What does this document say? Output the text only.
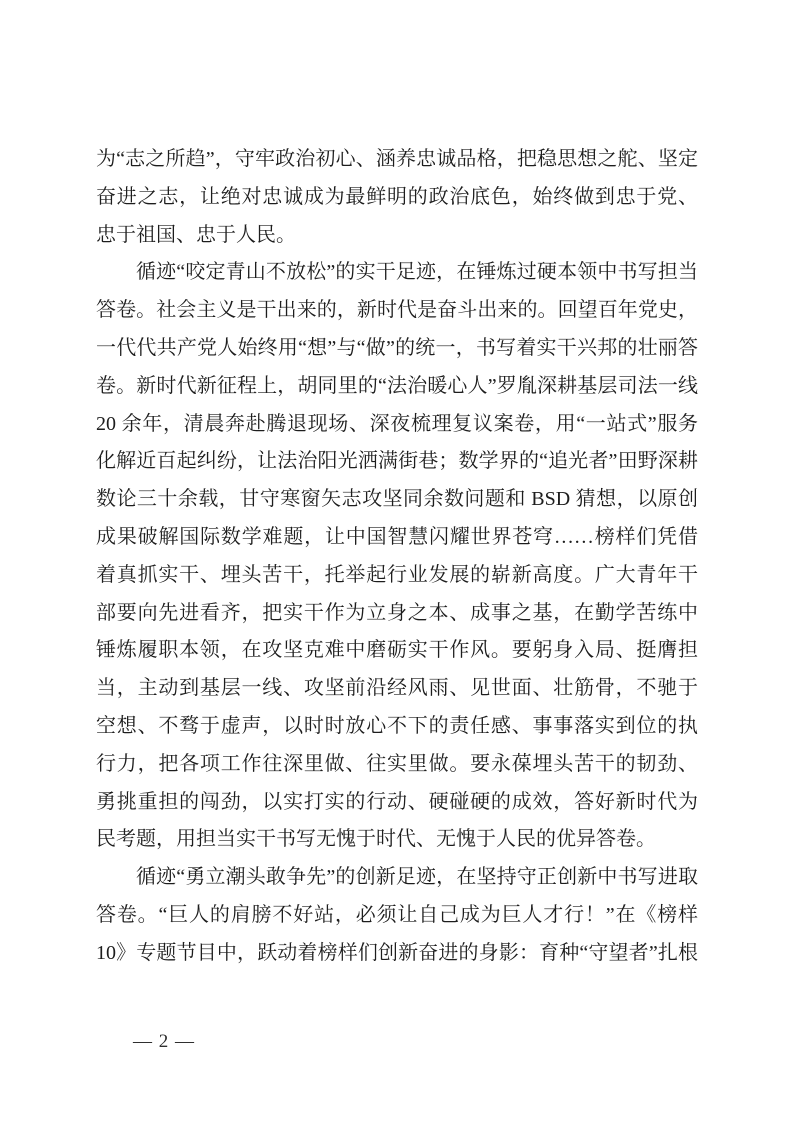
为“志之所趋”，守牢政治初心、涵养忠诚品格，把稳思想之舵、坚定
奋进之志，让绝对忠诚成为最鲜明的政治底色，始终做到忠于党、
忠于祖国、忠于人民。
循迹“咬定青山不放松”的实干足迹，在锤炼过硬本领中书写担当
答卷。社会主义是干出来的，新时代是奋斗出来的。回望百年党史，
一代代共产党人始终用“想”与“做”的统一，书写着实干兴邦的壮丽答
卷。新时代新征程上，胡同里的“法治暖心人”罗胤深耕基层司法一线
20 余年，清晨奔赴腾退现场、深夜梳理复议案卷，用“一站式”服务
化解近百起纠纷，让法治阳光洒满街巷；数学界的“追光者”田野深耕
数论三十余载，甘守寒窗矢志攻坚同余数问题和 BSD 猜想，以原创
成果破解国际数学难题，让中国智慧闪耀世界苍穹……榜样们凭借
着真抓实干、埋头苦干，托举起行业发展的崭新高度。广大青年干
部要向先进看齐，把实干作为立身之本、成事之基，在勤学苦练中
锤炼履职本领，在攻坚克难中磨砺实干作风。要躬身入局、挺膺担
当，主动到基层一线、攻坚前沿经风雨、见世面、壮筋骨，不驰于
空想、不骛于虚声，以时时放心不下的责任感、事事落实到位的执
行力，把各项工作往深里做、往实里做。要永葆埋头苦干的韧劲、
勇挑重担的闯劲，以实打实的行动、硬碰硬的成效，答好新时代为
民考题，用担当实干书写无愧于时代、无愧于人民的优异答卷。
循迹“勇立潮头敢争先”的创新足迹，在坚持守正创新中书写进取
答卷。“巨人的肩膀不好站，必须让自己成为巨人才行！”在《榜样
10》专题节目中，跃动着榜样们创新奋进的身影：育种“守望者”扎根
— 2 —
